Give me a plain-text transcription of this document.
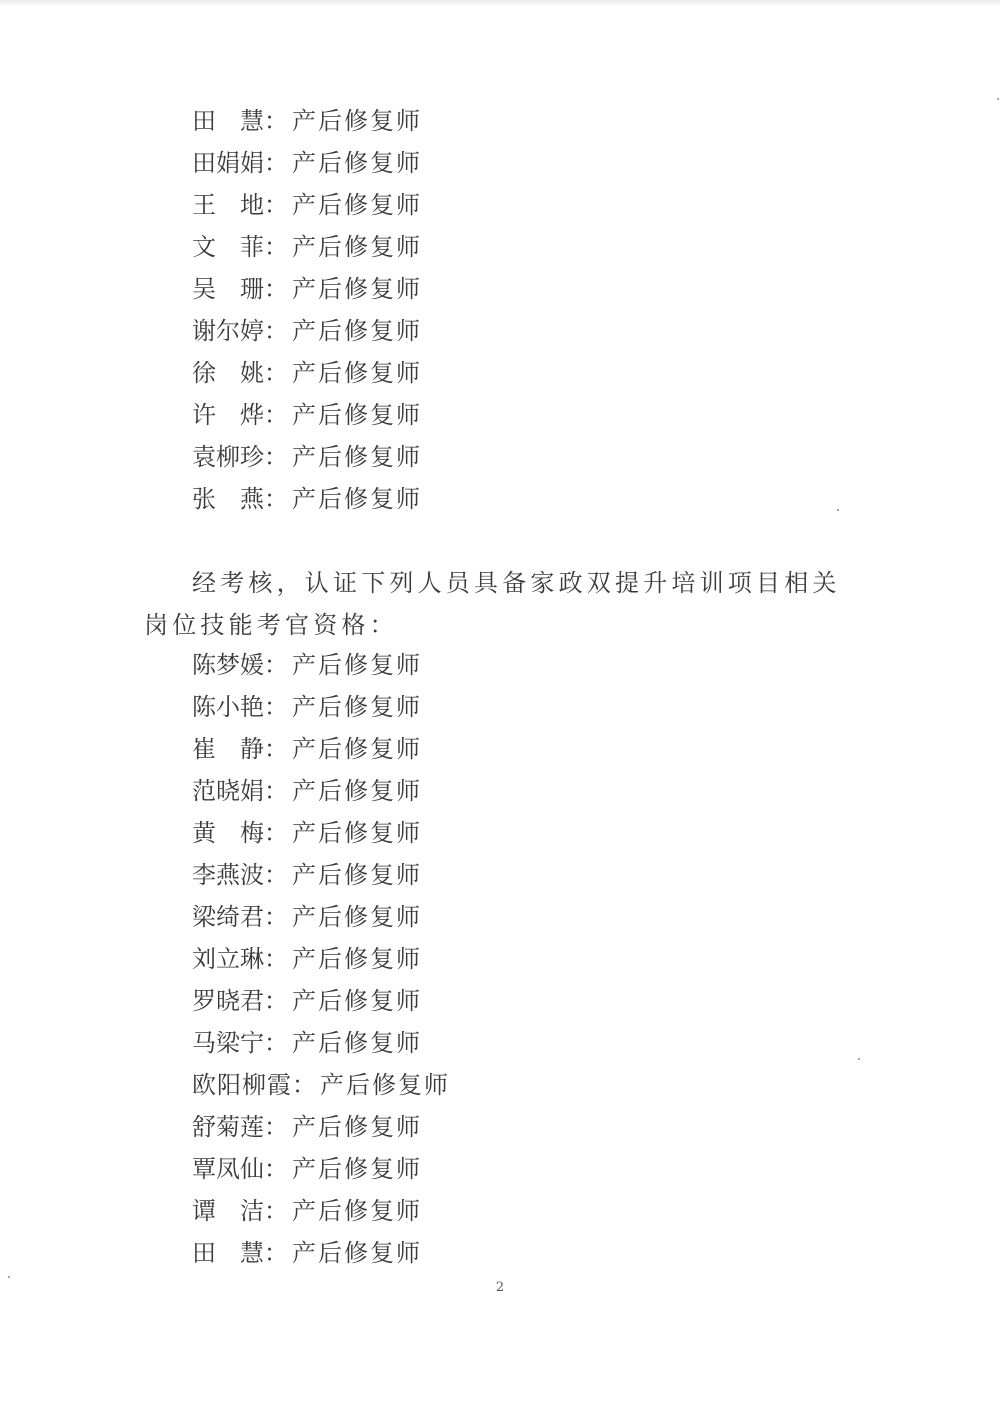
田 慧 ： 产后修复师
田 娟 娟 ： 产后修复师
王 地 ： 产后修复师
文 菲 ： 产后修复师
吴 珊 ： 产后修复师
谢 尔 婷 ： 产后修复师
徐 姚 ： 产后修复师
许 烨 ： 产后修复师
袁 柳 珍 ： 产后修复师
张 燕 ： 产后修复师

经考核，认证下列人员具备家政双提升培训项目相关岗位技能考官资格：

陈 梦 媛 ： 产后修复师
陈 小 艳 ： 产后修复师
崔 静 ： 产后修复师
范 晓 娟 ： 产后修复师
黄 梅 ： 产后修复师
李 燕 波 ： 产后修复师
梁 绮 君 ： 产后修复师
刘 立 琳 ： 产后修复师
罗 晓 君 ： 产后修复师
马 梁 宁 ： 产后修复师
欧阳柳霞 ： 产后修复师
舒 菊 莲 ： 产后修复师
覃 凤 仙 ： 产后修复师
谭 洁 ： 产后修复师
田 慧 ： 产后修复师
2
